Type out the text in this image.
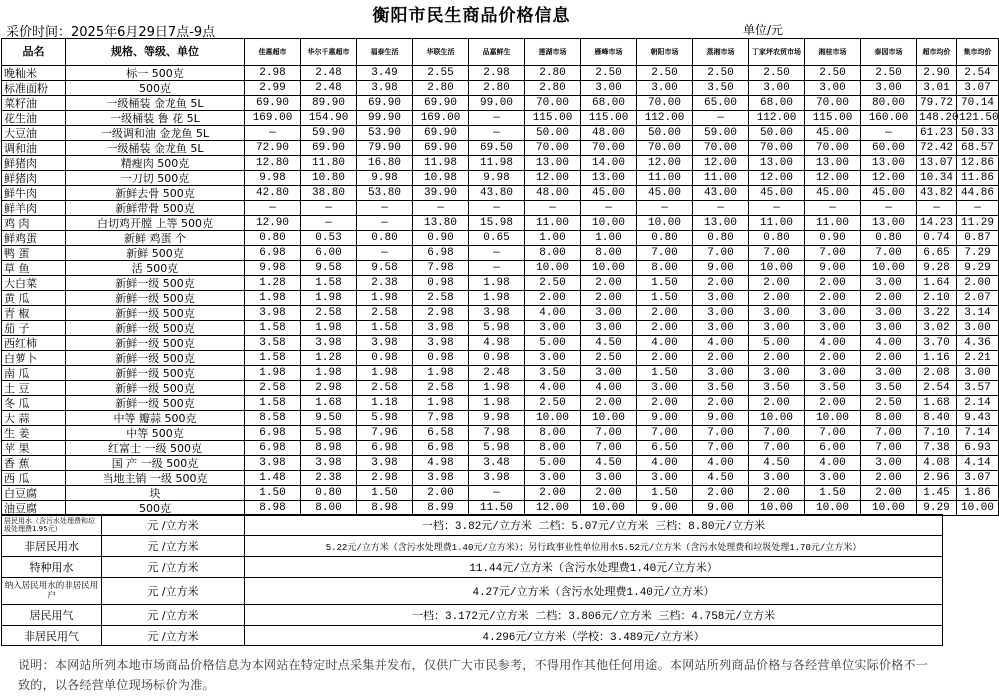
衡阳市民生商品价格信息
采价时间：2025年6月29日7点-9点	单位/元
品名	规格、等级、单位	佳惠超市	华尔千惠超市	福泰生活	华联生活	品嘉鲜生	莲湖市场	雁峰市场	朝阳市场	蒸湘市场	丁家坪农贸市场	湘桂市场	泰园市场	超市均价	集市均价
晚籼米	标一 500克	2.98	2.48	3.49	2.55	2.98	2.80	2.50	2.50	2.50	2.50	2.50	2.50	2.90	2.54
标准面粉	500克	2.99	2.48	3.98	2.80	2.80	2.80	3.00	3.00	3.50	3.00	3.00	3.00	3.01	3.07
菜籽油	一级桶装 金龙鱼 5L	69.90	89.90	69.90	69.90	99.00	70.00	68.00	70.00	65.00	68.00	70.00	80.00	79.72	70.14
花生油	一级桶装 鲁 花 5L	169.00	154.90	99.90	169.00	—	115.00	115.00	112.00	—	112.00	115.00	160.00	148.20	121.50
大豆油	一级调和油 金龙鱼 5L	—	59.90	53.90	69.90	—	50.00	48.00	50.00	59.00	50.00	45.00	—	61.23	50.33
调和油	一级桶装 金龙鱼 5L	72.90	69.90	79.90	69.90	69.50	70.00	70.00	70.00	70.00	70.00	70.00	60.00	72.42	68.57
鲜猪肉	精瘦肉 500克	12.80	11.80	16.80	11.98	11.98	13.00	14.00	12.00	12.00	13.00	13.00	13.00	13.07	12.86
鲜猪肉	一刀切 500克	9.98	10.80	9.98	10.98	9.98	12.00	13.00	11.00	11.00	12.00	12.00	12.00	10.34	11.86
鲜牛肉	新鲜去骨 500克	42.80	38.80	53.80	39.90	43.80	48.00	45.00	45.00	43.00	45.00	45.00	45.00	43.82	44.86
鲜羊肉	新鲜带骨 500克	—	—	—	—	—	—	—	—	—	—	—	—	—	—
鸡 肉	白切鸡开膛 上等 500克	12.90	—	—	13.80	15.98	11.00	10.00	10.00	13.00	11.00	11.00	13.00	14.23	11.29
鲜鸡蛋	新鲜 鸡蛋 个	0.80	0.53	0.80	0.90	0.65	1.00	1.00	0.80	0.80	0.80	0.90	0.80	0.74	0.87
鸭 蛋	新鲜 500克	6.98	6.00	—	6.98	—	8.00	8.00	7.00	7.00	7.00	7.00	7.00	6.65	7.29
草 鱼	活 500克	9.98	9.58	9.58	7.98	—	10.00	10.00	8.00	9.00	10.00	9.00	10.00	9.28	9.29
大白菜	新鲜一级 500克	1.28	1.58	2.38	0.98	1.98	2.50	2.00	1.50	2.00	2.00	2.00	3.00	1.64	2.00
黄 瓜	新鲜一级 500克	1.98	1.98	1.98	2.58	1.98	2.00	2.00	1.50	3.00	2.00	2.00	2.00	2.10	2.07
青 椒	新鲜一级 500克	3.98	2.58	2.58	2.98	3.98	4.00	3.00	2.00	3.00	3.00	3.00	3.00	3.22	3.14
茄 子	新鲜一级 500克	1.58	1.98	1.58	3.98	5.98	3.00	3.00	2.00	3.00	3.00	3.00	3.00	3.02	3.00
西红柿	新鲜一级 500克	3.58	3.98	3.98	3.98	4.98	5.00	4.50	4.00	4.00	5.00	4.00	4.00	3.70	4.36
白萝卜	新鲜一级 500克	1.58	1.28	0.98	0.98	0.98	3.00	2.50	2.00	2.00	2.00	2.00	2.00	1.16	2.21
南 瓜	新鲜一级 500克	1.98	1.98	1.98	1.98	2.48	3.50	3.00	1.50	3.00	3.00	3.00	3.00	2.08	3.00
土 豆	新鲜一级 500克	2.58	2.98	2.58	2.58	1.98	4.00	4.00	3.00	3.50	3.50	3.50	3.50	2.54	3.57
冬 瓜	新鲜一级 500克	1.58	1.68	1.18	1.98	1.98	2.50	2.00	2.00	2.00	2.00	2.00	2.50	1.68	2.14
大 蒜	中等 瓣蒜 500克	8.58	9.50	5.98	7.98	9.98	10.00	10.00	9.00	9.00	10.00	10.00	8.00	8.40	9.43
生 姜	中等 500克	6.98	5.98	7.96	6.58	7.98	8.00	7.00	7.00	7.00	7.00	7.00	7.00	7.10	7.14
苹 果	红富士 一级 500克	6.98	8.98	6.98	6.98	5.98	8.00	7.00	6.50	7.00	7.00	6.00	7.00	7.38	6.93
香 蕉	国 产 一级 500克	3.98	3.98	3.98	4.98	3.48	5.00	4.50	4.00	4.00	4.50	4.00	3.00	4.08	4.14
西 瓜	当地主销 一级 500克	1.48	2.38	2.98	3.98	3.98	3.00	3.00	3.00	4.50	3.00	3.00	2.00	2.96	3.07
白豆腐	块	1.50	0.80	1.50	2.00	—	2.00	2.00	1.50	2.00	2.00	1.50	2.00	1.45	1.86
油豆腐	500克	8.98	8.00	8.98	8.99	11.50	12.00	10.00	9.00	9.00	10.00	10.00	10.00	9.29	10.00
居民用水（含污水处理费和垃圾处理费1.95元）	元 /立方米	一档：3.82元/立方米 二档：5.07元/立方米 三档：8.80元/立方米
非居民用水	元 /立方米	5.22元/立方米（含污水处理费1.40元/立方米）；另行政事业性单位用水5.52元/立方米（含污水处理费和垃圾处理1.70元/立方米）
特种用水	元 /立方米	11.44元/立方米（含污水处理费1.40元/立方米）
纳入居民用水的非居民用户	元 /立方米	4.27元/立方米（含污水处理费1.40元/立方米）
居民用气	元 /立方米	一档：3.172元/立方米 二档：3.806元/立方米 三档：4.758元/立方米
非居民用气	元 /立方米	4.296元/立方米（学校：3.489元/立方米）
说明：本网站所列本地市场商品价格信息为本网站在特定时点采集并发布，仅供广大市民参考，不得用作其他任何用途。本网站所列商品价格与各经营单位实际价格不一致的，以各经营单位现场标价为准。
